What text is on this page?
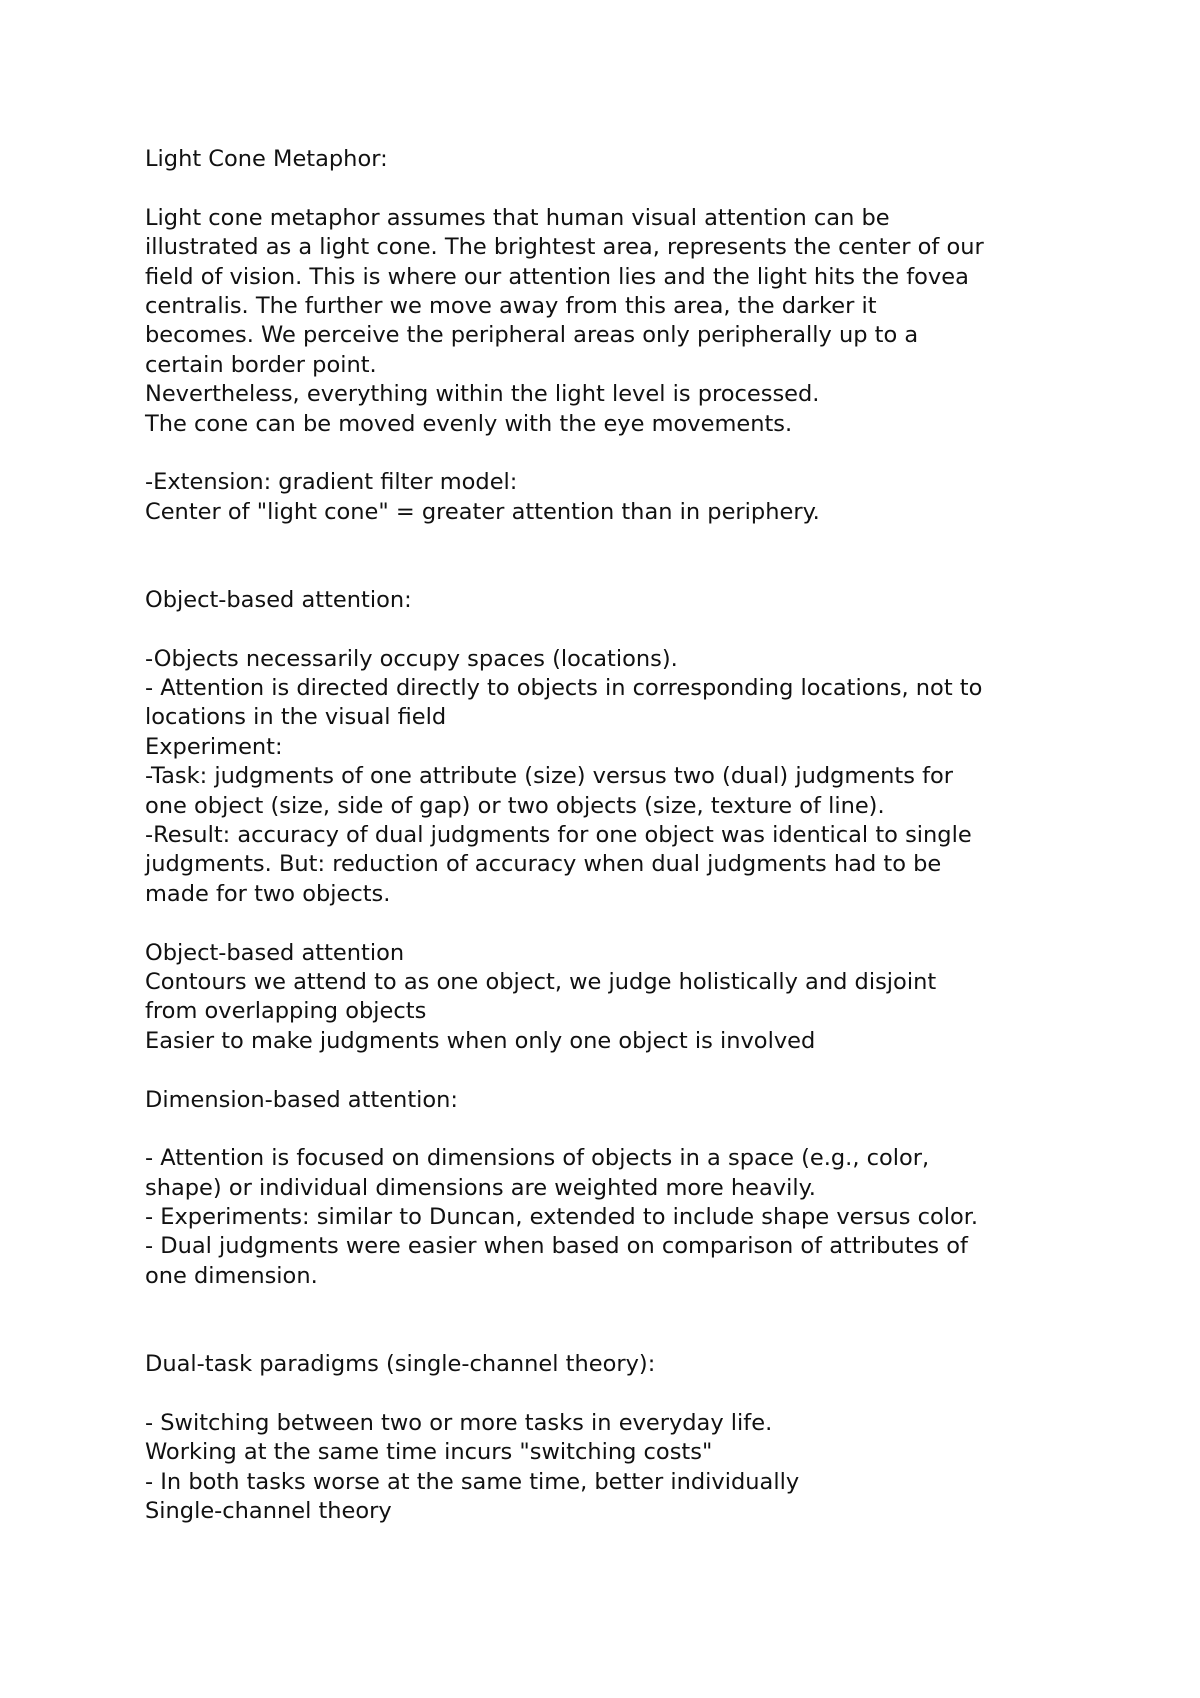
Light Cone Metaphor:
Light cone metaphor assumes that human visual attention can be
illustrated as a light cone. The brightest area, represents the center of our
field of vision. This is where our attention lies and the light hits the fovea
centralis. The further we move away from this area, the darker it
becomes. We perceive the peripheral areas only peripherally up to a
certain border point.
Nevertheless, everything within the light level is processed.
The cone can be moved evenly with the eye movements.
-Extension: gradient filter model:
Center of "light cone" = greater attention than in periphery.
Object-based attention:
-Objects necessarily occupy spaces (locations).
- Attention is directed directly to objects in corresponding locations, not to
locations in the visual field
Experiment:
-Task: judgments of one attribute (size) versus two (dual) judgments for
one object (size, side of gap) or two objects (size, texture of line).
-Result: accuracy of dual judgments for one object was identical to single
judgments. But: reduction of accuracy when dual judgments had to be
made for two objects.
Object-based attention
Contours we attend to as one object, we judge holistically and disjoint
from overlapping objects
Easier to make judgments when only one object is involved
Dimension-based attention:
- Attention is focused on dimensions of objects in a space (e.g., color,
shape) or individual dimensions are weighted more heavily.
- Experiments: similar to Duncan, extended to include shape versus color.
- Dual judgments were easier when based on comparison of attributes of
one dimension.
Dual-task paradigms (single-channel theory):
- Switching between two or more tasks in everyday life.
Working at the same time incurs "switching costs"
- In both tasks worse at the same time, better individually
Single-channel theory
